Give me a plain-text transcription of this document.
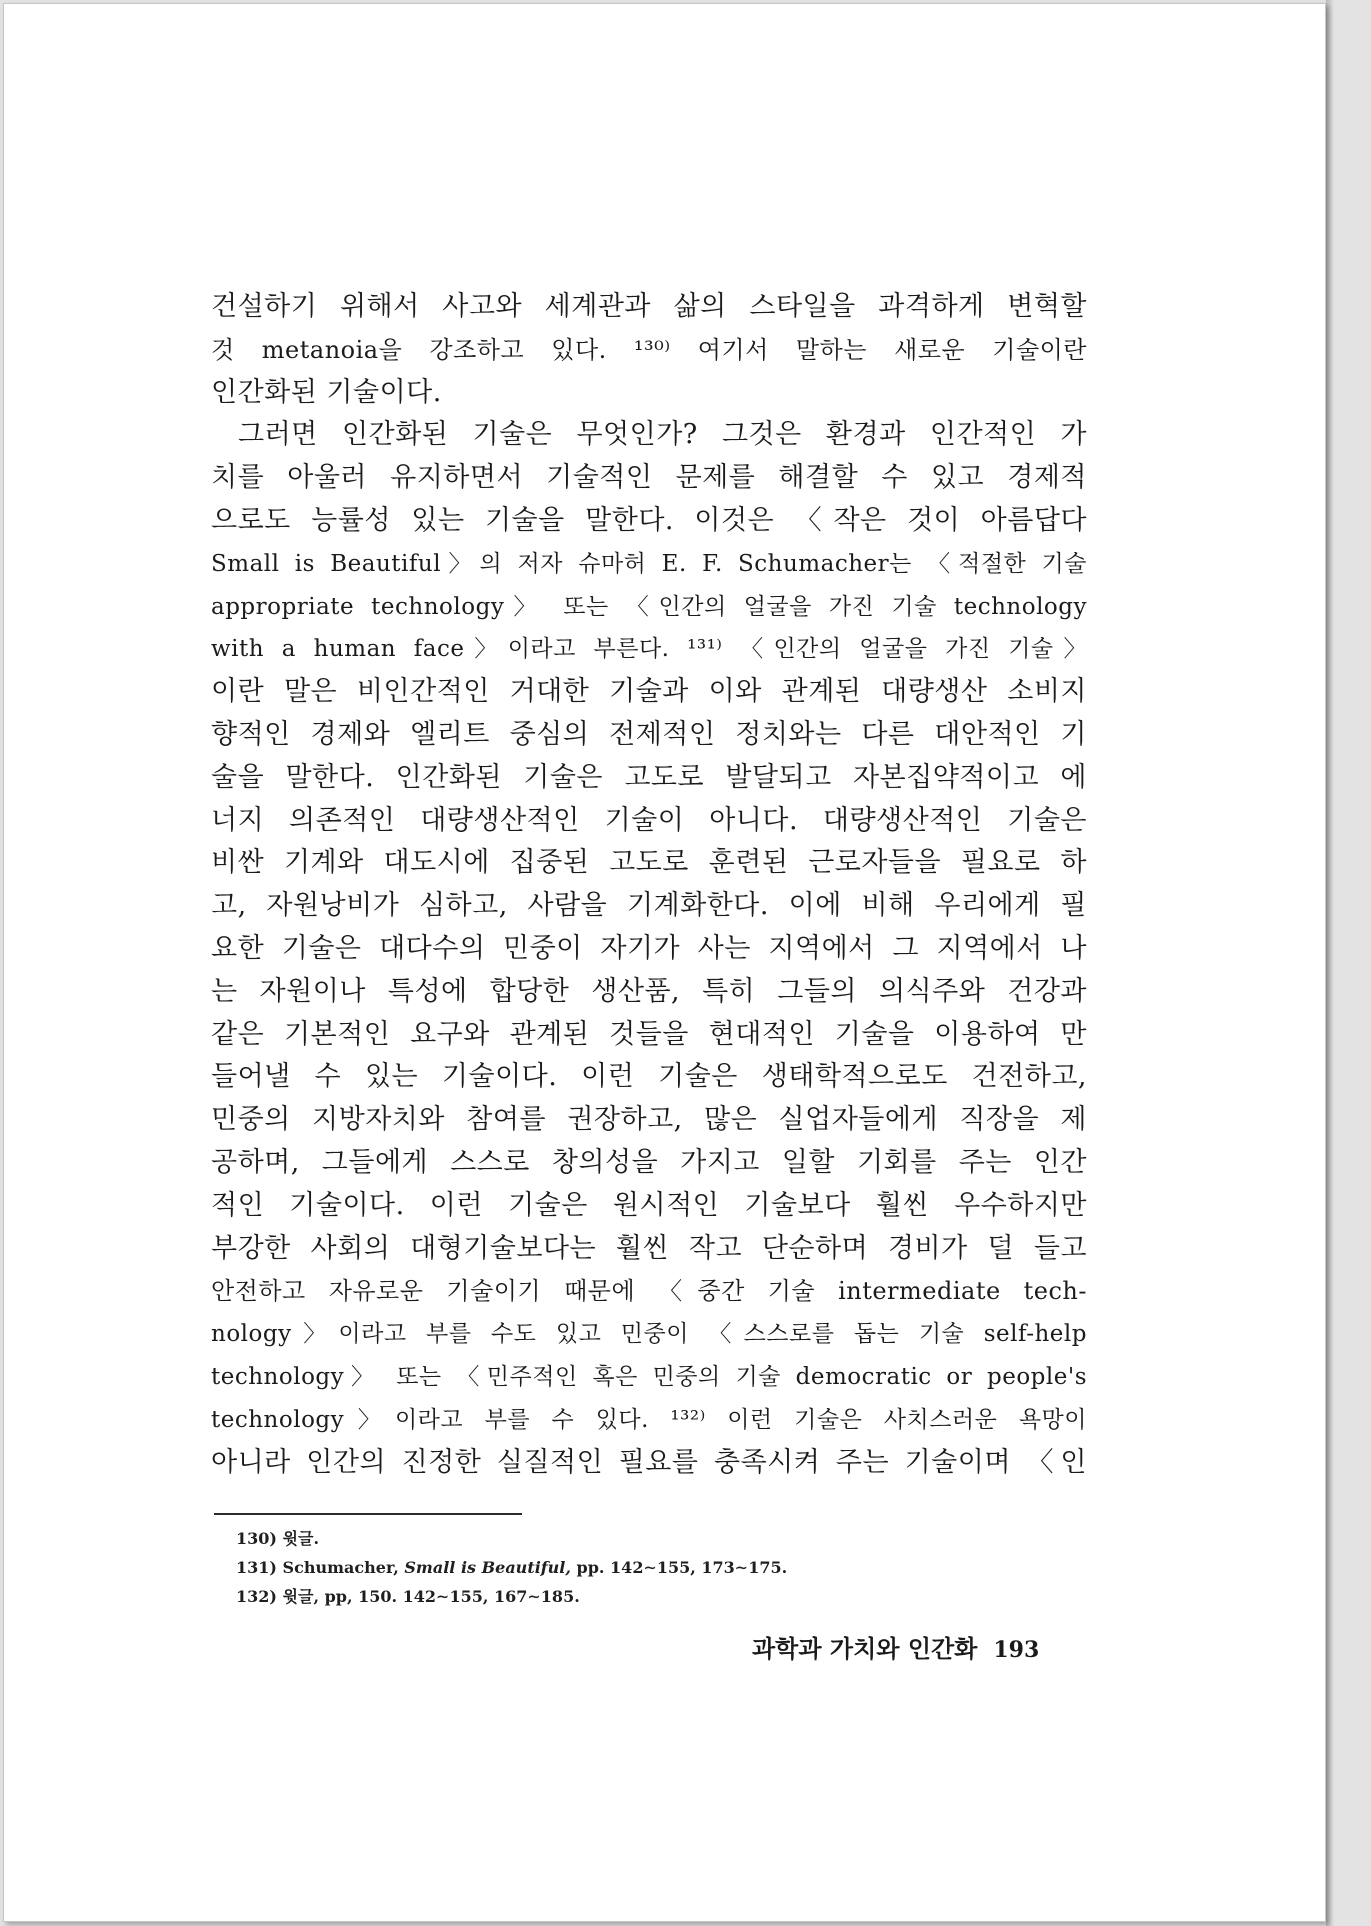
건설하기 위해서 사고와 세계관과 삶의 스타일을 과격하게 변혁할
것 metanoia을 강조하고 있다. ¹³⁰⁾ 여기서 말하는 새로운 기술이란
인간화된 기술이다.
그러면 인간화된 기술은 무엇인가? 그것은 환경과 인간적인 가
치를 아울러 유지하면서 기술적인 문제를 해결할 수 있고 경제적
으로도 능률성 있는 기술을 말한다. 이것은 〈작은 것이 아름답다
Small is Beautiful〉의 저자 슈마허 E. F. Schumacher는 〈적절한 기술
appropriate technology〉 또는 〈인간의 얼굴을 가진 기술 technology
with a human face〉이라고 부른다. ¹³¹⁾ 〈인간의 얼굴을 가진 기술〉
이란 말은 비인간적인 거대한 기술과 이와 관계된 대량생산 소비지
향적인 경제와 엘리트 중심의 전제적인 정치와는 다른 대안적인 기
술을 말한다. 인간화된 기술은 고도로 발달되고 자본집약적이고 에
너지 의존적인 대량생산적인 기술이 아니다. 대량생산적인 기술은
비싼 기계와 대도시에 집중된 고도로 훈련된 근로자들을 필요로 하
고, 자원낭비가 심하고, 사람을 기계화한다. 이에 비해 우리에게 필
요한 기술은 대다수의 민중이 자기가 사는 지역에서 그 지역에서 나
는 자원이나 특성에 합당한 생산품, 특히 그들의 의식주와 건강과
같은 기본적인 요구와 관계된 것들을 현대적인 기술을 이용하여 만
들어낼 수 있는 기술이다. 이런 기술은 생태학적으로도 건전하고,
민중의 지방자치와 참여를 권장하고, 많은 실업자들에게 직장을 제
공하며, 그들에게 스스로 창의성을 가지고 일할 기회를 주는 인간
적인 기술이다. 이런 기술은 원시적인 기술보다 훨씬 우수하지만
부강한 사회의 대형기술보다는 훨씬 작고 단순하며 경비가 덜 들고
안전하고 자유로운 기술이기 때문에 〈중간 기술 intermediate tech-
nology〉이라고 부를 수도 있고 민중이 〈스스로를 돕는 기술 self-help
technology〉 또는 〈민주적인 혹은 민중의 기술 democratic or people's
technology〉이라고 부를 수 있다. ¹³²⁾ 이런 기술은 사치스러운 욕망이
아니라 인간의 진정한 실질적인 필요를 충족시켜 주는 기술이며 〈인
130) 윗글.
131) Schumacher, Small is Beautiful, pp. 142∼155, 173∼175.
132) 윗글, pp, 150. 142∼155, 167∼185.
과학과 가치와 인간화 193
